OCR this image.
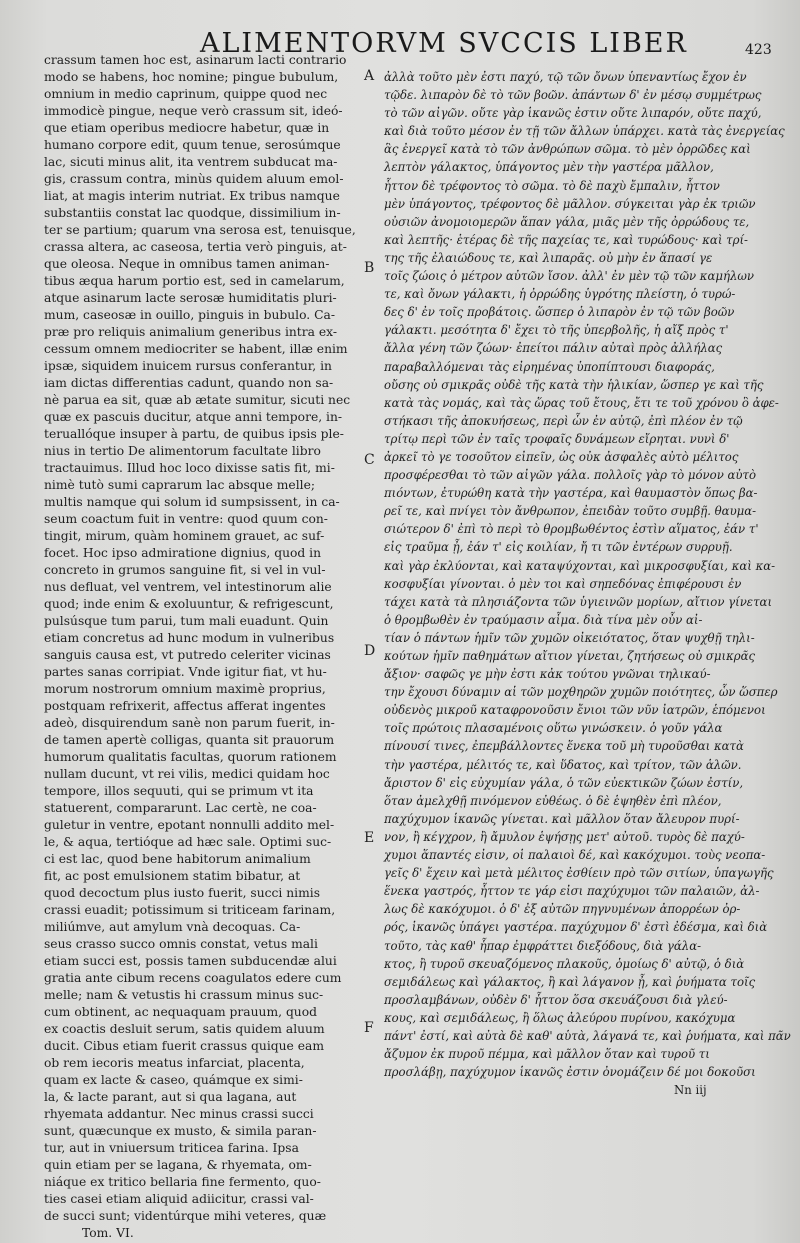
ALIMENTORVM SVCCIS LIBER	423
crassum tamen hoc est, asinarum lacti contrario
modo se habens, hoc nomine; pingue bubulum,
omnium in medio caprinum, quippe quod nec
immodicè pingue, neque verò crassum sit, ideó-
que etiam operibus mediocre habetur, quæ in
humano corpore edit, quum tenue, serosúmque
lac, sicuti minus alit, ita ventrem subducat ma-
gis, crassum contra, minùs quidem aluum emol-
liat, at magis interim nutriat. Ex tribus namque
substantiis constat lac quodque, dissimilium in-
ter se partium; quarum vna serosa est, tenuisque,
crassa altera, ac caseosa, tertia verò pinguis, at-
que oleosa. Neque in omnibus tamen animan-
tibus æqua harum portio est, sed in camelarum,
atque asinarum lacte serosæ humiditatis pluri-
mum, caseosæ in ouillo, pinguis in bubulo. Ca-
præ pro reliquis animalium generibus intra ex-
cessum omnem mediocriter se habent, illæ enim
ipsæ, siquidem inuicem rursus conferantur, in
iam dictas differentias cadunt, quando non sa-
nè parua ea sit, quæ ab ætate sumitur, sicuti nec
quæ ex pascuis ducitur, atque anni tempore, in-
teruallóque insuper à partu, de quibus ipsis ple-
nius in tertio De alimentorum facultate libro
tractauimus. Illud hoc loco dixisse satis fit, mi-
nimè tutò sumi caprarum lac absque melle;
multis namque qui solum id sumpsissent, in ca-
seum coactum fuit in ventre: quod quum con-
tingit, mirum, quàm hominem grauet, ac suf-
focet. Hoc ipso admiratione dignius, quod in
concreto in grumos sanguine fit, si vel in vul-
nus defluat, vel ventrem, vel intestinorum alie
quod; inde enim & exoluuntur, & refrigescunt,
pulsúsque tum parui, tum mali euadunt. Quin
etiam concretus ad hunc modum in vulneribus
sanguis causa est, vt putredo celeriter vicinas
partes sanas corripiat. Vnde igitur fiat, vt hu-
morum nostrorum omnium maximè proprius,
postquam refrixerit, affectus afferat ingentes
adeò, disquirendum sanè non parum fuerit, in-
de tamen apertè colligas, quanta sit prauorum
humorum qualitatis facultas, quorum rationem
nullam ducunt, vt rei vilis, medici quidam hoc
tempore, illos sequuti, qui se primum vt ita
statuerent, compararunt. Lac certè, ne coa-
guletur in ventre, epotant nonnulli addito mel-
le, & aqua, tertióque ad hæc sale. Optimi suc-
ci est lac, quod bene habitorum animalium
fit, ac post emulsionem statim bibatur, at
quod decoctum plus iusto fuerit, succi nimis
crassi euadit; potissimum si triticeam farinam,
miliúmve, aut amylum vnà decoquas. Ca-
seus crasso succo omnis constat, vetus mali
etiam succi est, possis tamen subducendæ alui
gratia ante cibum recens coagulatos edere cum
melle; nam & vetustis hi crassum minus suc-
cum obtinent, ac nequaquam prauum, quod
ex coactis desluit serum, satis quidem aluum
ducit. Cibus etiam fuerit crassus quique eam
ob rem iecoris meatus infarciat, placenta,
quam ex lacte & caseo, quámque ex simi-
la, & lacte parant, aut si qua lagana, aut
rhyemata addantur. Nec minus crassi succi
sunt, quæcunque ex musto, & simila paran-
tur, aut in vniuersum triticea farina. Ipsa
quin etiam per se lagana, & rhyemata, om-
niáque ex tritico bellaria fine fermento, quo-
ties casei etiam aliquid adiicitur, crassi val-
de succi sunt; videntúrque mihi veteres, quæ
Tom. VI.
ἀλλὰ τοῦτο μὲν ἐστι παχύ, τῷ τῶν ὄνων ὑπεναντίως ἔχον ἐν
τῷδε. λιπαρὸν δὲ τὸ τῶν βοῶν. ἀπάντων δ' ἐν μέσῳ συμμέτρως
τὸ τῶν αἰγῶν. οὔτε γὰρ ἱκανῶς ἐστιν οὔτε λιπαρόν, οὔτε παχύ,
καὶ διὰ τοῦτο μέσον ἐν τῇ τῶν ἄλλων ὑπάρχει. κατὰ τὰς ἐνεργείας
ἃς ἐνεργεῖ κατὰ τὸ τῶν ἀνθρώπων σῶμα. τὸ μὲν ὀρρῶδες καὶ
λεπτὸν γάλακτος, ὑπάγοντος μὲν τὴν γαστέρα μᾶλλον,
ἧττον δὲ τρέφοντος τὸ σῶμα. τὸ δὲ παχὺ ἔμπαλιν, ἧττον
μὲν ὑπάγοντος, τρέφοντος δὲ μᾶλλον. σύγκειται γὰρ ἐκ τριῶν
οὐσιῶν ἀνομοιομερῶν ἅπαν γάλα, μιᾶς μὲν τῆς ὀρρώδους τε,
καὶ λεπτῆς· ἑτέρας δὲ τῆς παχείας τε, καὶ τυρώδους· καὶ τρί-
της τῆς ἐλαιώδους τε, καὶ λιπαρᾶς. οὐ μὴν ἐν ἅπασί γε
τοῖς ζώοις ὁ μέτρον αὐτῶν ἴσον. ἀλλ' ἐν μὲν τῷ τῶν καμήλων
τε, καὶ ὄνων γάλακτι, ἡ ὀρρώδης ὑγρότης πλείστη, ὁ τυρώ-
δες δ' ἐν τοῖς προβάτοις. ὥσπερ ὁ λιπαρὸν ἐν τῷ τῶν βοῶν
γάλακτι. μεσότητα δ' ἔχει τὸ τῆς ὑπερβολῆς, ἡ αἴξ πρὸς τ'
ἄλλα γένη τῶν ζώων· ἐπείτοι πάλιν αὐταὶ πρὸς ἀλλήλας
παραβαλλόμεναι τὰς εἰρημένας ὑποπίπτουσι διαφοράς,
οὔσης οὐ σμικρᾶς οὐδὲ τῆς κατὰ τὴν ἡλικίαν, ὥσπερ γε καὶ τῆς
κατὰ τὰς νομάς, καὶ τὰς ὥρας τοῦ ἔτους, ἔτι τε τοῦ χρόνου ὃ ἀφε-
στήκασι τῆς ἀποκυήσεως, περὶ ὧν ἐν αὐτῷ, ἐπὶ πλέον ἐν τῷ
τρίτῳ περὶ τῶν ἐν ταῖς τροφαῖς δυνάμεων εἴρηται. νυνὶ δ'
ἀρκεῖ τὸ γε τοσοῦτον εἰπεῖν, ὡς οὐκ ἀσφαλὲς αὐτὸ μέλιτος
προσφέρεσθαι τὸ τῶν αἰγῶν γάλα. πολλοῖς γὰρ τὸ μόνον αὐτὸ
πιόντων, ἐτυρώθη κατὰ τὴν γαστέρα, καὶ θαυμαστὸν ὅπως βα-
ρεῖ τε, καὶ πνίγει τὸν ἄνθρωπον, ἐπειδὰν τοῦτο συμβῇ. θαυμα-
σιώτερον δ' ἐπὶ τὸ περὶ τὸ θρομβωθέντος ἐστὶν αἵματος, ἐάν τ'
εἰς τραῦμα ᾖ, ἐάν τ' εἰς κοιλίαν, ἤ τι τῶν ἐντέρων συρρυῇ.
καὶ γὰρ ἐκλύονται, καὶ καταψύχονται, καὶ μικροσφυξίαι, καὶ κα-
κοσφυξίαι γίνονται. ὁ μὲν τοι καὶ σηπεδόνας ἐπιφέρουσι ἐν
τάχει κατὰ τὰ πλησιάζοντα τῶν ὑγιεινῶν μορίων, αἴτιον γίνεται
ὁ θρομβωθὲν ἐν τραύμασιν αἷμα. διὰ τίνα μὲν οὖν αἰ-
τίαν ὁ πάντων ἡμῖν τῶν χυμῶν οἰκειότατος, ὅταν ψυχθῇ τηλι-
κούτων ἡμῖν παθημάτων αἴτιον γίνεται, ζητήσεως οὐ σμικρᾶς
ἄξιον· σαφῶς γε μὴν ἐστι κἀκ τούτου γνῶναι τηλικαύ-
την ἔχουσι δύναμιν αἱ τῶν μοχθηρῶν χυμῶν ποιότητες, ὧν ὥσπερ
οὐδενὸς μικροῦ καταφρονοῦσιν ἔνιοι τῶν νῦν ἰατρῶν, ἑπόμενοι
τοῖς πρώτοις πλασαμένοις οὕτω γινώσκειν. ὁ γοῦν γάλα
πίνουσί τινες, ἐπεμβάλλοντες ἕνεκα τοῦ μὴ τυροῦσθαι κατὰ
τὴν γαστέρα, μέλιτός τε, καὶ ὕδατος, καὶ τρίτον, τῶν ἁλῶν.
ἄριστον δ' εἰς εὐχυμίαν γάλα, ὁ τῶν εὐεκτικῶν ζώων ἐστίν,
ὅταν ἀμελχθῇ πινόμενον εὐθέως. ὁ δὲ ἑψηθὲν ἐπὶ πλέον,
παχύχυμον ἱκανῶς γίνεται. καὶ μᾶλλον ὅταν ἄλευρον πυρί-
νον, ἢ κέγχρον, ἢ ἄμυλον ἑψήσῃς μετ' αὐτοῦ. τυρὸς δὲ παχύ-
χυμοι ἅπαντές εἰσιν, οἱ παλαιοὶ δέ, καὶ κακόχυμοι. τοὺς νεοπα-
γεῖς δ' ἔχειν καὶ μετὰ μέλιτος ἐσθίειν πρὸ τῶν σιτίων, ὑπαγωγῆς
ἕνεκα γαστρός, ἧττον τε γάρ εἰσι παχύχυμοι τῶν παλαιῶν, ἀλ-
λως δὲ κακόχυμοι. ὁ δ' ἐξ αὐτῶν πηγνυμένων ἀπορρέων ὀρ-
ρός, ἱκανῶς ὑπάγει γαστέρα. παχύχυμον δ' ἐστὶ ἐδέσμα, καὶ διὰ
τοῦτο, τὰς καθ' ἧπαρ ἐμφράττει διεξόδους, διὰ γάλα-
κτος, ἢ τυροῦ σκευαζόμενος πλακοῦς, ὁμοίως δ' αὐτῷ, ὁ διὰ
σεμιδάλεως καὶ γάλακτος, ἢ καὶ λάγανον ᾖ, καὶ ῥυήματα τοῖς
προσλαμβάνων, οὐδὲν δ' ἧττον ὅσα σκευάζουσι διὰ γλεύ-
κους, καὶ σεμιδάλεως, ἢ ὅλως ἀλεύρου πυρίνου, κακόχυμα
πάντ' ἐστί, καὶ αὐτὰ δὲ καθ' αὑτὰ, λάγανά τε, καὶ ῥυήματα, καὶ πᾶν
ἄζυμον ἐκ πυροῦ πέμμα, καὶ μᾶλλον ὅταν καὶ τυροῦ τι
προσλάβῃ, παχύχυμον ἱκανῶς ἐστιν ὀνομάζειν δέ μοι δοκοῦσι
Nn iij
A
B
C
D
E
F
